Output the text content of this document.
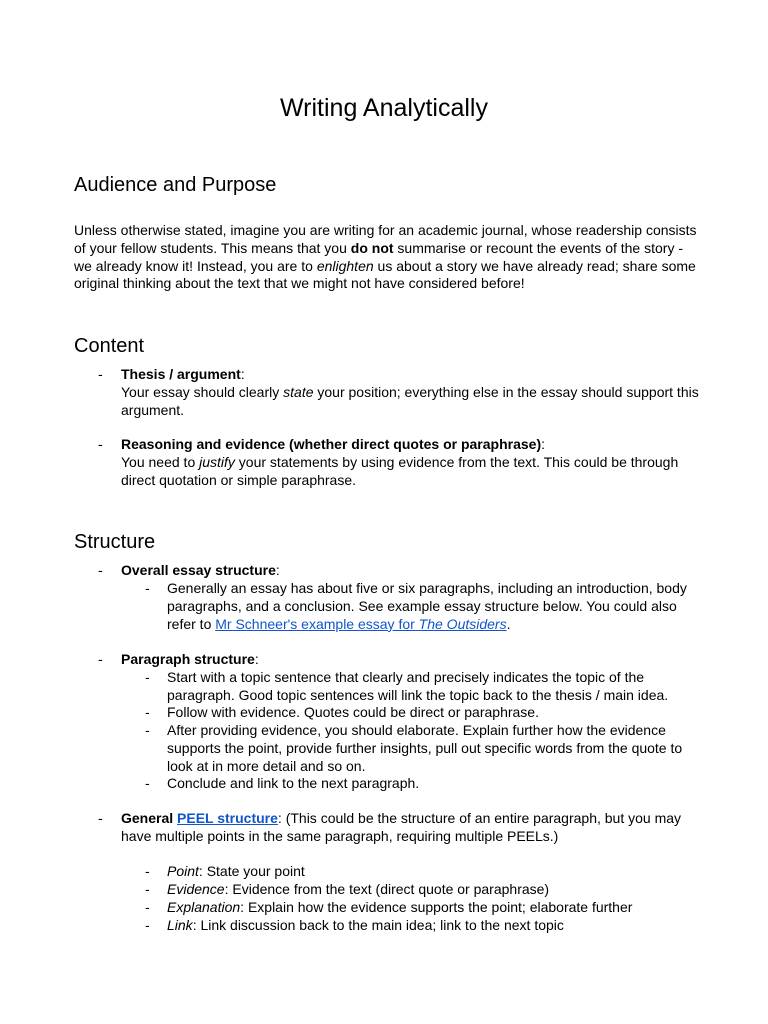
Writing Analytically
Audience and Purpose
Unless otherwise stated, imagine you are writing for an academic journal, whose readership consists of your fellow students. This means that you do not summarise or recount the events of the story - we already know it! Instead, you are to enlighten us about a story we have already read; share some original thinking about the text that we might not have considered before!
Content
- Thesis / argument:
Your essay should clearly state your position; everything else in the essay should support this argument.
- Reasoning and evidence (whether direct quotes or paraphrase):
You need to justify your statements by using evidence from the text. This could be through direct quotation or simple paraphrase.
Structure
- Overall essay structure:
- Generally an essay has about five or six paragraphs, including an introduction, body paragraphs, and a conclusion. See example essay structure below. You could also refer to Mr Schneer's example essay for The Outsiders.
- Paragraph structure:
- Start with a topic sentence that clearly and precisely indicates the topic of the paragraph. Good topic sentences will link the topic back to the thesis / main idea.
- Follow with evidence. Quotes could be direct or paraphrase.
- After providing evidence, you should elaborate. Explain further how the evidence supports the point, provide further insights, pull out specific words from the quote to look at in more detail and so on.
- Conclude and link to the next paragraph.
- General PEEL structure: (This could be the structure of an entire paragraph, but you may have multiple points in the same paragraph, requiring multiple PEELs.)
- Point: State your point
- Evidence: Evidence from the text (direct quote or paraphrase)
- Explanation: Explain how the evidence supports the point; elaborate further
- Link: Link discussion back to the main idea; link to the next topic
